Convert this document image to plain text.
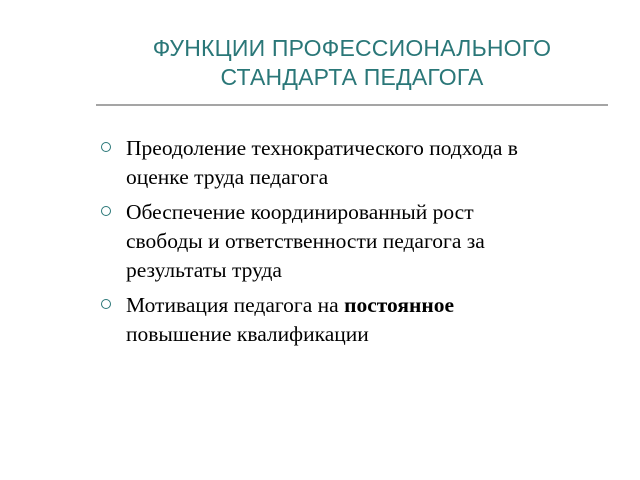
ФУНКЦИИ ПРОФЕССИОНАЛЬНОГО
СТАНДАРТА ПЕДАГОГА
Преодоление технократического подхода в
оценке труда педагога
Обеспечение координированный рост
свободы и ответственности педагога за
результаты труда
Мотивация педагога на постоянное
повышение квалификации
